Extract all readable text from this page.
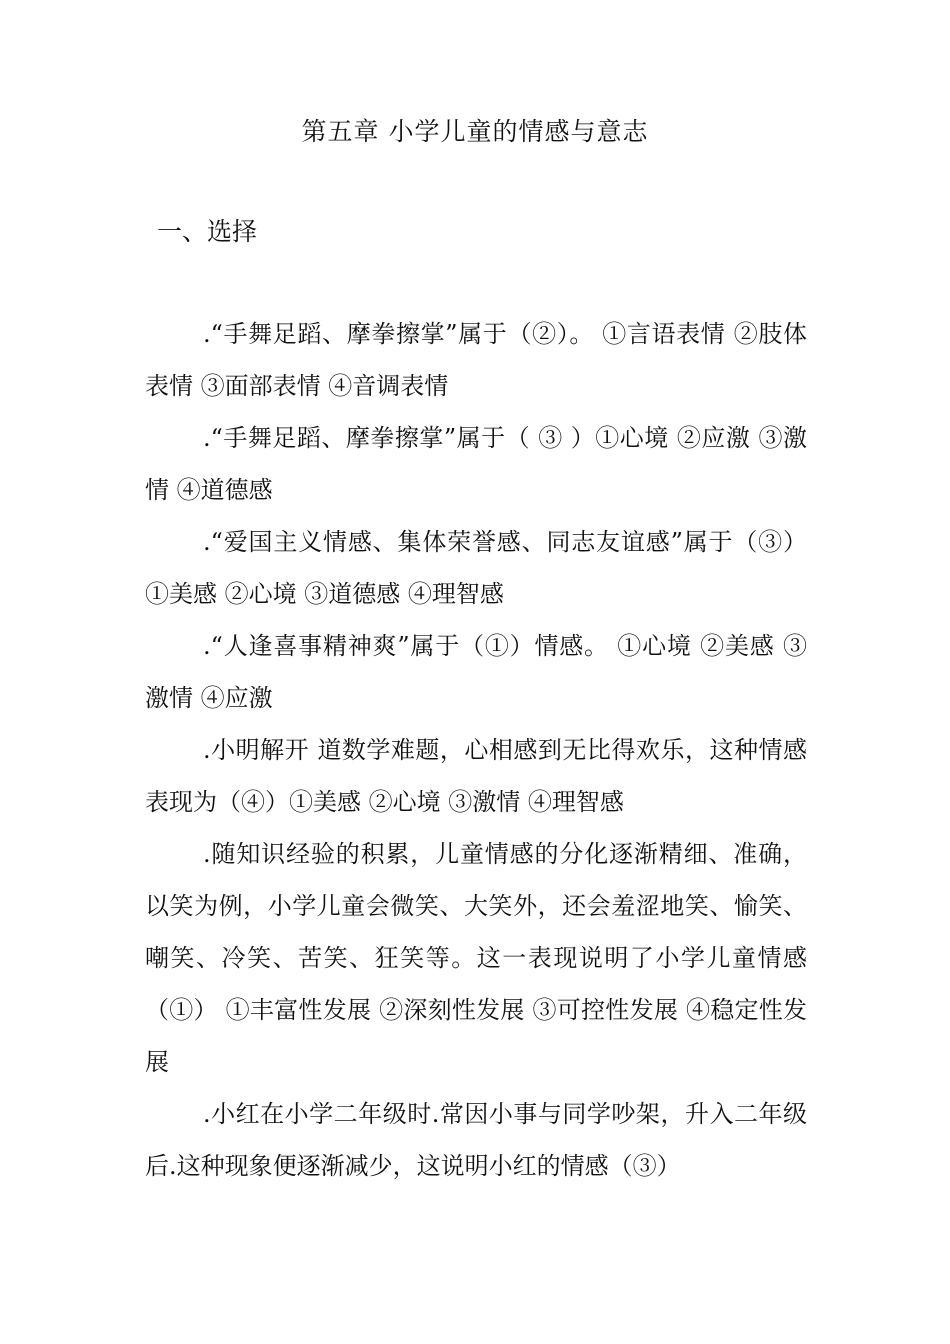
第五章 小学儿童的情感与意志
一、选择

.“手舞足蹈、摩拳擦掌”属于（②）。 ①言语表情 ②肢体表情 ③面部表情 ④音调表情

.“手舞足蹈、摩拳擦掌”属于（ ③ ）①心境 ②应激 ③激情 ④道德感

.“爱国主义情感、集体荣誉感、同志友谊感”属于（③）①美感 ②心境 ③道德感 ④理智感

.“人逢喜事精神爽”属于（①）情感。 ①心境 ②美感 ③激情 ④应激

.小明解开 道数学难题，心相感到无比得欢乐，这种情感表现为（④）①美感 ②心境 ③激情 ④理智感

.随知识经验的积累，儿童情感的分化逐渐精细、准确，以笑为例，小学儿童会微笑、大笑外，还会羞涩地笑、愉笑、嘲笑、冷笑、苦笑、狂笑等。这一表现说明了小学儿童情感（①） ①丰富性发展 ②深刻性发展 ③可控性发展 ④稳定性发展

.小红在小学二年级时.常因小事与同学吵架，升入二年级后.这种现象便逐渐减少，这说明小红的情感（③）
